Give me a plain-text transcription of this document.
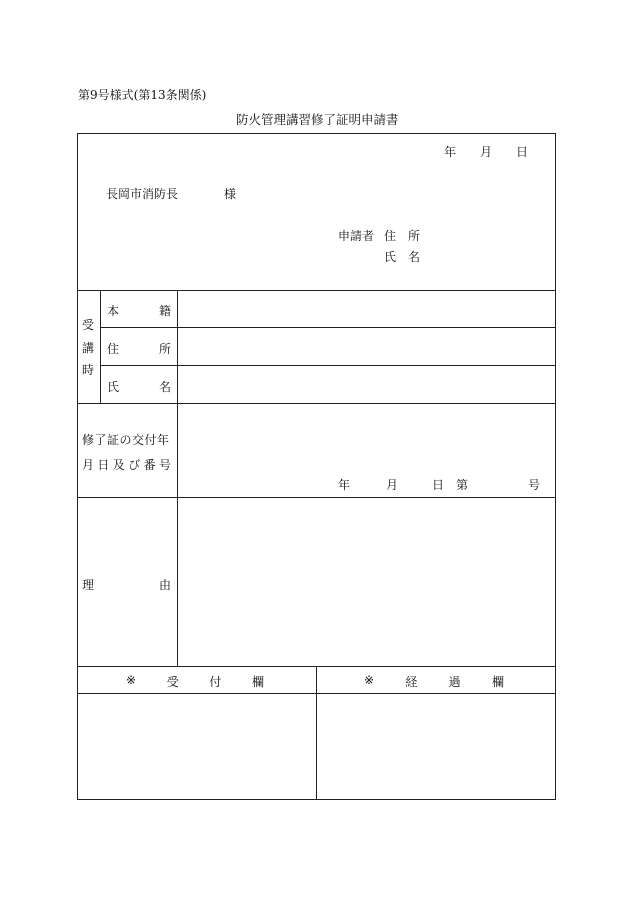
第9号様式(第13条関係)
防火管理講習修了証明申請書
年 月 日
長岡市消防長	様
申請者 住 所
氏 名
受
講
時
本	籍
住	所
氏	名
修了証の交付年
月日及び番号
年	月	日 第	号
理	由
※	受	付	欄	※	経	過	欄
